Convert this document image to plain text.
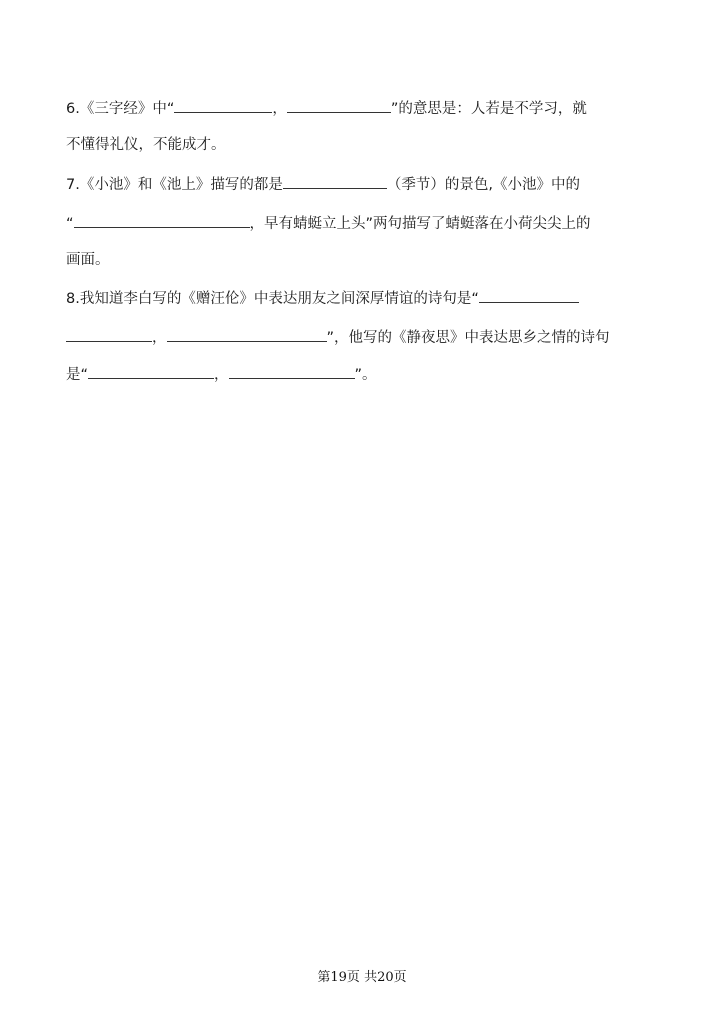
6.《三字经》中“	，	”的意思是：人若是不学习，就
不懂得礼仪，不能成才。
7.《小池》和《池上》描写的都是	（季节）的景色,《小池》中的
“	，早有蜻蜓立上头”两句描写了蜻蜓落在小荷尖尖上的
画面。
8.我知道李白写的《赠汪伦》中表达朋友之间深厚情谊的诗句是“
，	”，他写的《静夜思》中表达思乡之情的诗句
是“	，	”。
第19页 共20页
